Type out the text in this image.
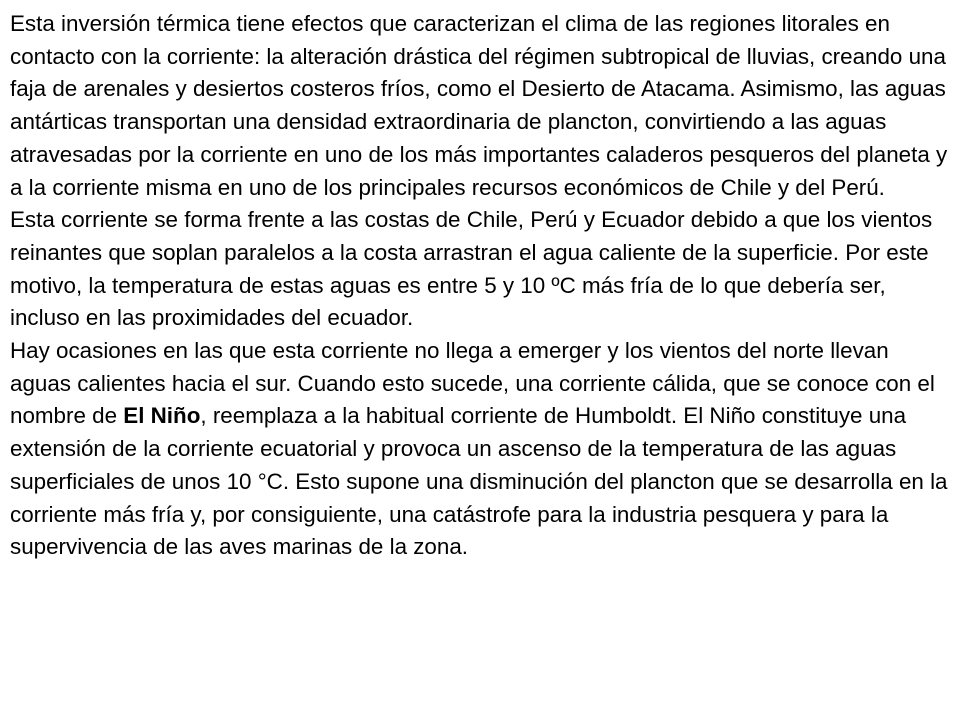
Esta inversión térmica tiene efectos que caracterizan el clima de las regiones litorales en contacto con la corriente: la alteración drástica del régimen subtropical de lluvias, creando una faja de arenales y desiertos costeros fríos, como el Desierto de Atacama. Asimismo, las aguas antárticas transportan una densidad extraordinaria de plancton, convirtiendo a las aguas atravesadas por la corriente en uno de los más importantes caladeros pesqueros del planeta y a la corriente misma en uno de los principales recursos económicos de Chile y del Perú.

Esta corriente se forma frente a las costas de Chile, Perú y Ecuador debido a que los vientos reinantes que soplan paralelos a la costa arrastran el agua caliente de la superficie. Por este motivo, la temperatura de estas aguas es entre 5 y 10 ºC más fría de lo que debería ser, incluso en las proximidades del ecuador.

Hay ocasiones en las que esta corriente no llega a emerger y los vientos del norte llevan aguas calientes hacia el sur. Cuando esto sucede, una corriente cálida, que se conoce con el nombre de El Niño, reemplaza a la habitual corriente de Humboldt. El Niño constituye una extensión de la corriente ecuatorial y provoca un ascenso de la temperatura de las aguas superficiales de unos 10 °C. Esto supone una disminución del plancton que se desarrolla en la corriente más fría y, por consiguiente, una catástrofe para la industria pesquera y para la supervivencia de las aves marinas de la zona.
